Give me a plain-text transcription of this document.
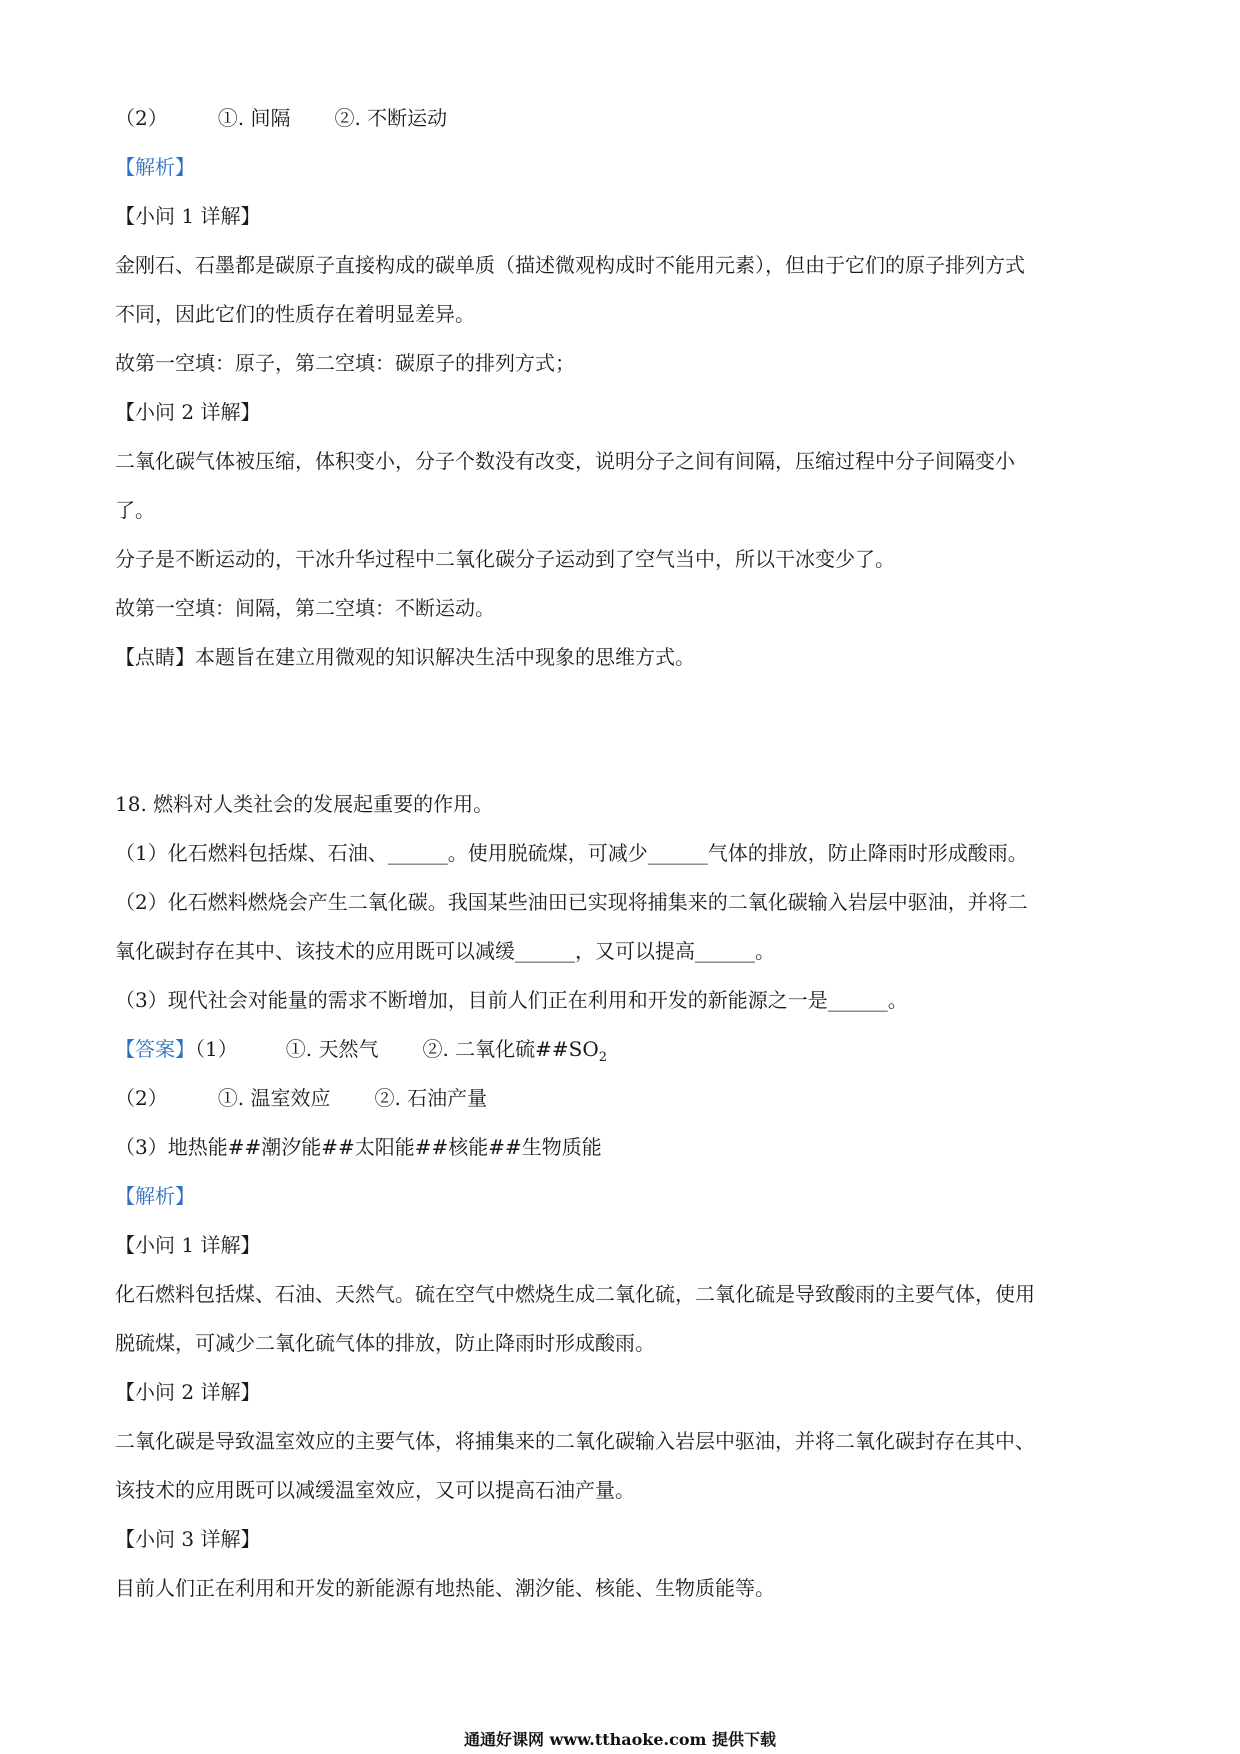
（2）	①. 间隔 ②. 不断运动
【解析】
【小问 1 详解】
金刚石、石墨都是碳原子直接构成的碳单质（描述微观构成时不能用元素），但由于它们的原子排列方式
不同，因此它们的性质存在着明显差异。
故第一空填：原子，第二空填：碳原子的排列方式；
【小问 2 详解】
二氧化碳气体被压缩，体积变小，分子个数没有改变，说明分子之间有间隔，压缩过程中分子间隔变小
了。
分子是不断运动的，干冰升华过程中二氧化碳分子运动到了空气当中，所以干冰变少了。
故第一空填：间隔，第二空填：不断运动。
【点睛】本题旨在建立用微观的知识解决生活中现象的思维方式。
18. 燃料对人类社会的发展起重要的作用。
（1）化石燃料包括煤、石油、______。使用脱硫煤，可减少______气体的排放，防止降雨时形成酸雨。
（2）化石燃料燃烧会产生二氧化碳。我国某些油田已实现将捕集来的二氧化碳输入岩层中驱油，并将二
氧化碳封存在其中、该技术的应用既可以减缓______，又可以提高______。
（3）现代社会对能量的需求不断增加，目前人们正在利用和开发的新能源之一是______。
【答案】（1） ①. 天然气 ②. 二氧化硫$\#\#SO_2$
（2）	①. 温室效应 ②. 石油产量
（3）地热能##潮汐能##太阳能##核能##生物质能
【解析】
【小问 1 详解】
化石燃料包括煤、石油、天然气。硫在空气中燃烧生成二氧化硫，二氧化硫是导致酸雨的主要气体，使用
脱硫煤，可减少二氧化硫气体的排放，防止降雨时形成酸雨。
【小问 2 详解】
二氧化碳是导致温室效应的主要气体，将捕集来的二氧化碳输入岩层中驱油，并将二氧化碳封存在其中、
该技术的应用既可以减缓温室效应，又可以提高石油产量。
【小问 3 详解】
目前人们正在利用和开发的新能源有地热能、潮汐能、核能、生物质能等。
通通好课网 www.tthaoke.com 提供下载
